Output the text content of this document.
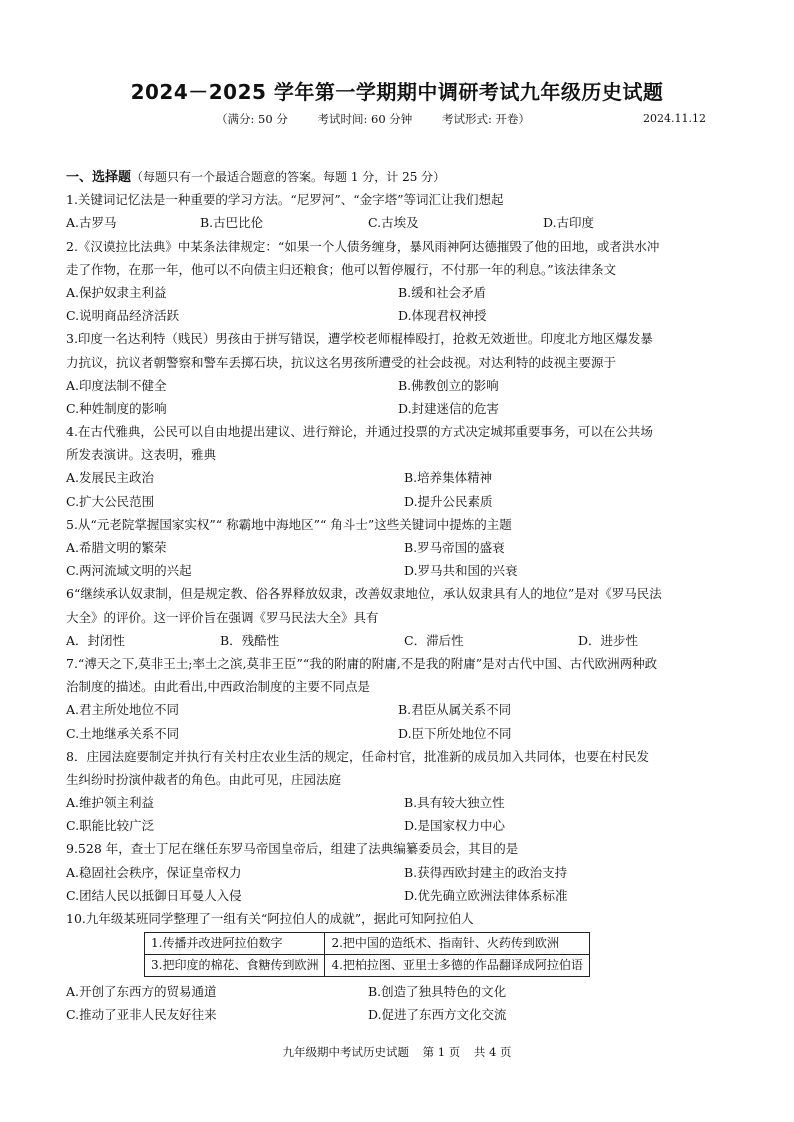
2024－2025 学年第一学期期中调研考试九年级历史试题
（满分: 50 分	考试时间: 60 分钟	考试形式: 开卷）	2024.11.12
一、选择题（每题只有一个最适合题意的答案。每题 1 分，计 25 分）
1.关键词记忆法是一种重要的学习方法。“尼罗河”、“金字塔”等词汇让我们想起
A.古罗马	B.古巴比伦	C.古埃及	D.古印度
2.《汉谟拉比法典》中某条法律规定：“如果一个人债务缠身，暴风雨神阿达德摧毁了他的田地，或者洪水冲
走了作物，在那一年，他可以不向债主归还粮食；他可以暂停履行，不付那一年的利息。”该法律条文
A.保护奴隶主利益	B.缓和社会矛盾
C.说明商品经济活跃	D.体现君权神授
3.印度一名达利特（贱民）男孩由于拼写错误，遭学校老师棍棒殴打，抢救无效逝世。印度北方地区爆发暴
力抗议，抗议者朝警察和警车丢掷石块，抗议这名男孩所遭受的社会歧视。对达利特的歧视主要源于
A.印度法制不健全	B.佛教创立的影响
C.种姓制度的影响	D.封建迷信的危害
4.在古代雅典，公民可以自由地提出建议、进行辩论，并通过投票的方式决定城邦重要事务，可以在公共场
所发表演讲。这表明，雅典
A.发展民主政治	B.培养集体精神
C.扩大公民范围	D.提升公民素质
5.从“元老院掌握国家实权”“ 称霸地中海地区”“ 角斗士”这些关键词中提炼的主题
A.希腊文明的繁荣	B.罗马帝国的盛衰
C.两河流域文明的兴起	D.罗马共和国的兴衰
6“继续承认奴隶制，但是规定教、俗各界释放奴隶，改善奴隶地位，承认奴隶具有人的地位”是对《罗马民法
大全》的评价。这一评价旨在强调《罗马民法大全》具有
A．封闭性	B．残酷性	C．滞后性	D．进步性
7.“溥天之下,莫非王土;率土之滨,莫非王臣”“我的附庸的附庸,不是我的附庸”是对古代中国、古代欧洲两种政
治制度的描述。由此看出,中西政治制度的主要不同点是
A.君主所处地位不同	B.君臣从属关系不同
C.土地继承关系不同	D.臣下所处地位不同
8．庄园法庭要制定并执行有关村庄农业生活的规定，任命村官，批准新的成员加入共同体，也要在村民发
生纠纷时扮演仲裁者的角色。由此可见，庄园法庭
A.维护领主利益	B.具有较大独立性
C.职能比较广泛	D.是国家权力中心
9.528 年，查士丁尼在继任东罗马帝国皇帝后，组建了法典编纂委员会，其目的是
A.稳固社会秩序，保证皇帝权力	B.获得西欧封建主的政治支持
C.团结人民以抵御日耳曼人入侵	D.优先确立欧洲法律体系标准
10.九年级某班同学整理了一组有关“阿拉伯人的成就”，据此可知阿拉伯人
1.传播并改进阿拉伯数字	2.把中国的造纸术、指南针、火药传到欧洲
3.把印度的棉花、食糖传到欧洲	4.把柏拉图、亚里士多德的作品翻译成阿拉伯语
A.开创了东西方的贸易通道	B.创造了独具特色的文化
C.推动了亚非人民友好往来	D.促进了东西方文化交流
九年级期中考试历史试题 第 1 页 共 4 页
